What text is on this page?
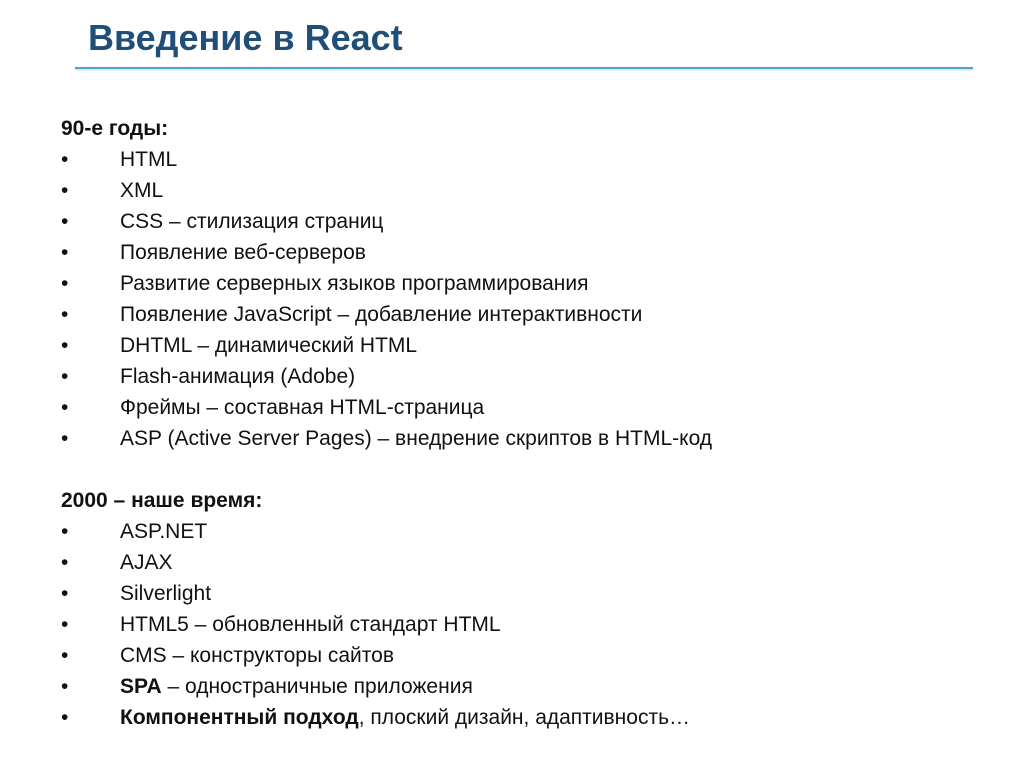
Введение в React
90-е годы:
•	HTML
•	XML
•	CSS – стилизация страниц
•	Появление веб-серверов
•	Развитие серверных языков программирования
•	Появление JavaScript – добавление интерактивности
•	DHTML – динамический HTML
•	Flash-анимация (Adobe)
•	Фреймы – составная HTML-страница
•	ASP (Active Server Pages) – внедрение скриптов в HTML-код
2000 – наше время:
•	ASP.NET
•	AJAX
•	Silverlight
•	HTML5 – обновленный стандарт HTML
•	CMS – конструкторы сайтов
•	SPA – одностраничные приложения
•	Компонентный подход, плоский дизайн, адаптивность…
